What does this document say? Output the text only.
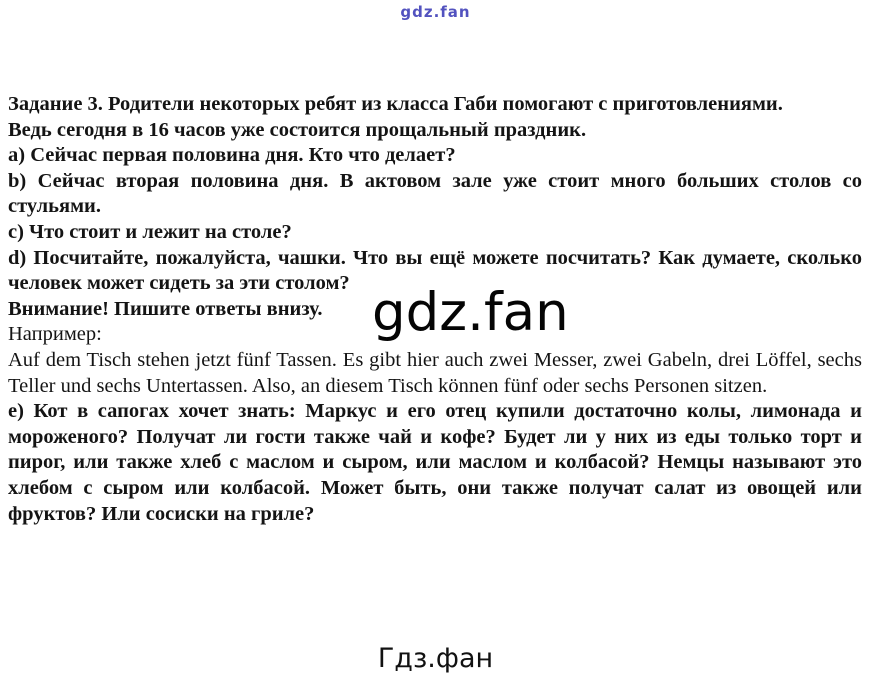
gdz.fan

Задание 3. Родители некоторых ребят из класса Габи помогают с приготовлениями.

Ведь сегодня в 16 часов уже состоится прощальный праздник.

a) Сейчас первая половина дня. Кто что делает?

b) Сейчас вторая половина дня. В актовом зале уже стоит много больших столов со стульями.

c) Что стоит и лежит на столе?

d) Посчитайте, пожалуйста, чашки. Что вы ещё можете посчитать? Как думаете, сколько человек может сидеть за эти столом?

Внимание! Пишите ответы внизу.

Например:

Auf dem Tisch stehen jetzt fünf Tassen. Es gibt hier auch zwei Messer, zwei Gabeln, drei Löffel, sechs Teller und sechs Untertassen. Also, an diesem Tisch können fünf oder sechs Personen sitzen.

e) Кот в сапогах хочет знать: Маркус и его отец купили достаточно колы, лимонада и мороженого? Получат ли гости также чай и кофе? Будет ли у них из еды только торт и пирог, или также хлеб с маслом и сыром, или маслом и колбасой? Немцы называют это хлебом с сыром или колбасой. Может быть, они также получат салат из овощей или фруктов? Или сосиски на гриле?

gdz.fan
Гдз.фан
